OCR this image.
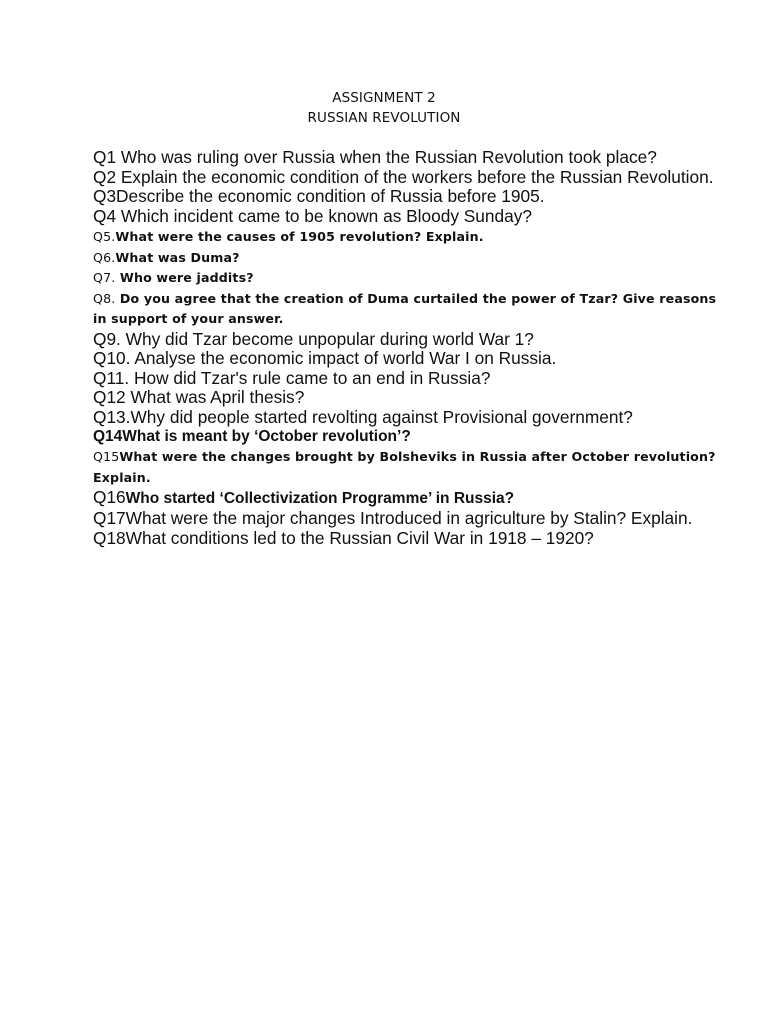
ASSIGNMENT 2
RUSSIAN REVOLUTION

Q1 Who was ruling over Russia when the Russian Revolution took place?

Q2 Explain the economic condition of the workers before the Russian Revolution.

Q3Describe the economic condition of Russia before 1905.

Q4 Which incident came to be known as Bloody Sunday?

Q5.What were the causes of 1905 revolution? Explain.

Q6.What was Duma?

Q7. Who were jaddits?

Q8. Do you agree that the creation of Duma curtailed the power of Tzar? Give reasons in support of your answer.

Q9. Why did Tzar become unpopular during world War 1?

Q10. Analyse the economic impact of world War I on Russia.

Q11. How did Tzar's rule came to an end in Russia?

Q12 What was April thesis?

Q13.Why did people started revolting against Provisional government?

Q14What is meant by ‘October revolution’?

Q15What were the changes brought by Bolsheviks in Russia after October revolution? Explain.

Q16Who started ‘Collectivization Programme’ in Russia?

Q17What were the major changes Introduced in agriculture by Stalin? Explain.

Q18What conditions led to the Russian Civil War in 1918 – 1920?
